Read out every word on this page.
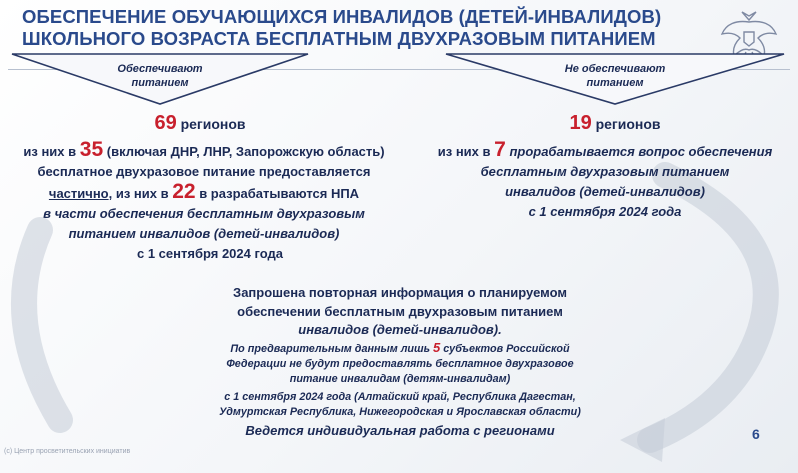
ОБЕСПЕЧЕНИЕ ОБУЧАЮЩИХСЯ ИНВАЛИДОВ (ДЕТЕЙ-ИНВАЛИДОВ)
ШКОЛЬНОГО ВОЗРАСТА БЕСПЛАТНЫМ ДВУХРАЗОВЫМ ПИТАНИЕМ
Обеспечивают
питанием
Не обеспечивают
питанием
69 регионов
из них в 35 (включая ДНР, ЛНР, Запорожскую область)
бесплатное двухразовое питание предоставляется
частично, из них в 22 в разрабатываются НПА
в части обеспечения бесплатным двухразовым
питанием инвалидов (детей-инвалидов)
с 1 сентября 2024 года
19 регионов
из них в 7 прорабатывается вопрос обеспечения
бесплатным двухразовым питанием
инвалидов (детей-инвалидов)
с 1 сентября 2024 года
Запрошена повторная информация о планируемом
обеспечении бесплатным двухразовым питанием
инвалидов (детей-инвалидов).
По предварительным данным лишь 5 субъектов Российской
Федерации не будут предоставлять бесплатное двухразовое
питание инвалидам (детям-инвалидам)
с 1 сентября 2024 года (Алтайский край, Республика Дагестан,
Удмуртская Республика, Нижегородская и Ярославская области)
Ведется индивидуальная работа с регионами
(с) Центр просветительских инициатив
6
